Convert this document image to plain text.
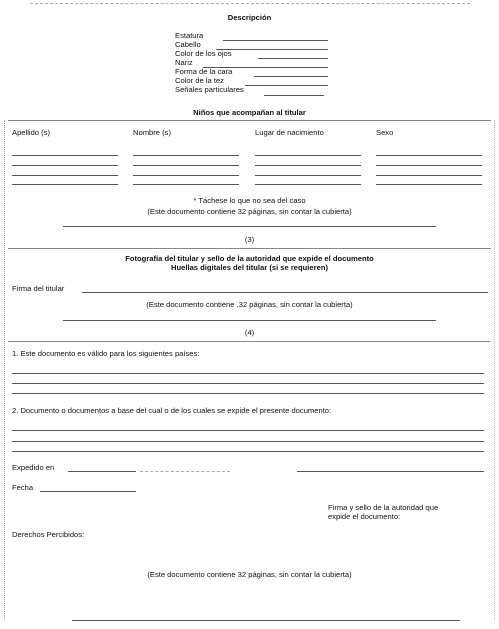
Descripción
Estatura
Cabello
Color de los ojos
Nariz
Forma de la cara
Color de la tez
Señales particulares
Niños que acompañan al titular
Apellido (s)	Nombre (s)	Lugar de nacimiento	Sexo
* Táchese lo que no sea del caso
(Este documento contiene 32 páginas, sin contar la cubierta)
(3)
Fotografía del titular y sello de la autoridad que expide el documento
Huellas digitales del titular (si se requieren)
Firma del titular
(Este documento contiene .32 páginas, sin contar la cubierta)
(4)
1. Este documento es válido para los siguientes países:
2. Documento o documentos a base del cual o de los cuales se expide el presente documento:
Expedido en
Fecha
Firma y sello de la autoridad que
expide el documento:
Derechos Percibidos:
(Este documento contiene 32 páginas, sin contar la cubierta)
